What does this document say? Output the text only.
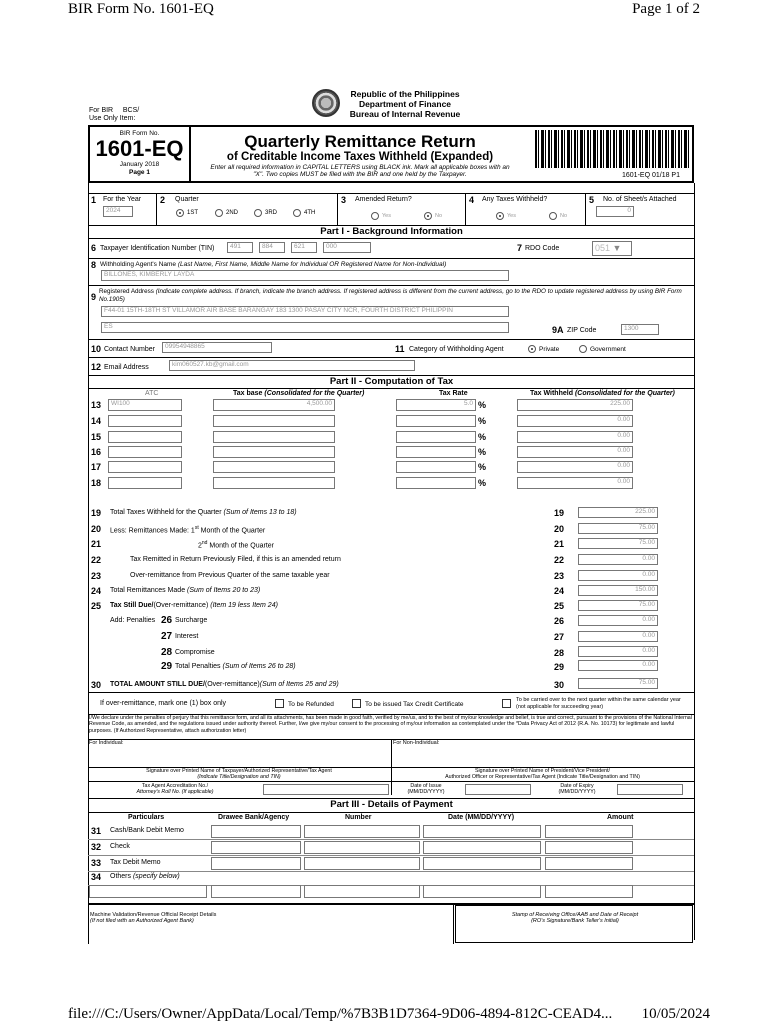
BIR Form No. 1601-EQ	Page 1 of 2
Republic of the Philippines
Department of Finance
Bureau of Internal Revenue
For BIR BCS/
Use Only Item:
BIR Form No.
1601-EQ
January 2018
Page 1
Quarterly Remittance Return
of Creditable Income Taxes Withheld (Expanded)
Enter all required information in CAPITAL LETTERS using BLACK ink. Mark all applicable boxes with an
"X". Two copies MUST be filed with the BIR and one held by the Taxpayer.	1601-EQ 01/18 P1
1 For the Year
2024
2 Quarter
1ST	2ND	3RD	4TH
3 Amended Return?
Yes	No
4 Any Taxes Withheld?
Yes	No
5 No. of Sheet/s Attached
0
Part I - Background Information
6 Taxpayer Identification Number (TIN)	491	884	621	000	7 RDO Code	051 ▼
8 Withholding Agent's Name (Last Name, First Name, Middle Name for Individual OR Registered Name for Non-Individual)
BILLONES, KIMBERLY LAYDA
9
Registered Address (Indicate complete address. If branch, indicate the branch address. If registered address is different from the current address, go to the RDO to update registered address by using BIR Form No.1905)
F44-01 15TH-18TH ST VILLAMOR AIR BASE BARANGAY 183 1300 PASAY CITY NCR, FOURTH DISTRICT PHILIPPIN
ES	9A ZIP Code	1300
10 Contact Number	09954948865	11 Category of Withholding Agent	Private	Government
12 Email Address	kim060527.kb@gmail.com
Part II - Computation of Tax
ATC	Tax base (Consolidated for the Quarter)	Tax Rate	Tax Withheld (Consolidated for the Quarter)
13	WI100	4,500.00	5.0 %	225.00
14	%	0.00
15	%	0.00
16	%	0.00
17	%	0.00
18	%	0.00
19 Total Taxes Withheld for the Quarter (Sum of Items 13 to 18)	19	225.00
20 Less: Remittances Made: 1st Month of the Quarter	20	75.00
21	2nd Month of the Quarter	21	75.00
22	Tax Remitted in Return Previously Filed, if this is an amended return	22	0.00
23	Over-remittance from Previous Quarter of the same taxable year	23	0.00
24 Total Remittances Made (Sum of Items 20 to 23)	24	150.00
25 Tax Still Due/(Over-remittance) (Item 19 less Item 24)	25	75.00
Add: Penalties 26 Surcharge	26	0.00
27 Interest	27	0.00
28 Compromise	28	0.00
29 Total Penalties (Sum of Items 26 to 28)	29	0.00
30 TOTAL AMOUNT STILL DUE/(Over-remittance)(Sum of Items 25 and 29)	30	75.00
If over-remittance, mark one (1) box only	To be Refunded	To be issued Tax Credit Certificate
To be carried over to the next quarter within the same calendar year (not applicable for succeeding year)
I/We declare under the penalties of perjury that this remittance form, and all its attachments, has been made in good faith, verified by me/us, and to the best of my/our knowledge and belief, is true and correct, pursuant to the provisions of the National Internal Revenue Code, as amended, and the regulations issued under authority thereof. Further, I/we give my/our consent to the processing of my/our information as contemplated under the *Data Privacy Act of 2012 (R.A. No. 10173) for legitimate and lawful purposes. (If Authorized Representative, attach authorization letter)
For Individual:	For Non-Individual:
Signature over Printed Name of Taxpayer/Authorized Representative/Tax Agent
(Indicate Title/Designation and TIN)
Signature over Printed Name of President/Vice President/
Authorized Officer or Representative/Tax Agent (Indicate Title/Designation and TIN)
Tax Agent Accreditation No./
Attorney's Roll No. (If applicable)
Date of Issue
(MM/DD/YYYY)
Date of Expiry
(MM/DD/YYYY)
Part III - Details of Payment
Particulars	Drawee Bank/Agency	Number	Date (MM/DD/YYYY)	Amount
31 Cash/Bank Debit Memo
32 Check
33 Tax Debit Memo
34 Others (specify below)
Machine Validation/Revenue Official Receipt Details
(If not filed with an Authorized Agent Bank)
Stamp of Receiving Office/AAB and Date of Receipt
(RO's Signature/Bank Teller's Initial)
file:///C:/Users/Owner/AppData/Local/Temp/%7B3B1D7364-9D06-4894-812C-CEAD4... 10/05/2024
